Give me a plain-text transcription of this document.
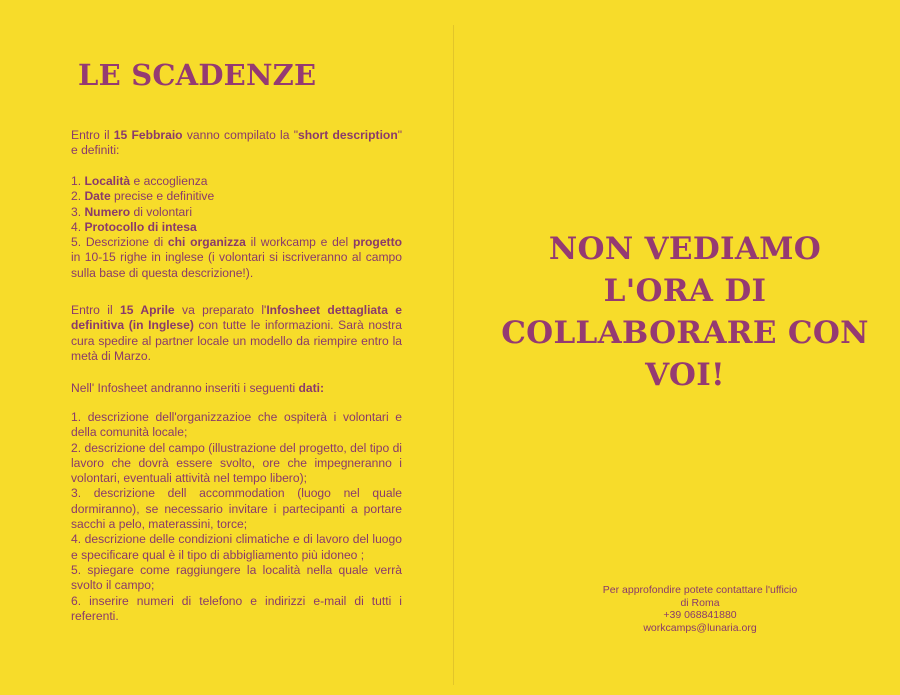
LE SCADENZE
Entro il 15 Febbraio vanno compilato la "short description" e definiti:
1. Località e accoglienza
2. Date precise e definitive
3. Numero di volontari
4. Protocollo di intesa
5. Descrizione di chi organizza il workcamp e del progetto in 10-15 righe in inglese (i volontari si iscriveranno al campo sulla base di questa descrizione!).
Entro il 15 Aprile va preparato l'Infosheet dettagliata e definitiva (in Inglese) con tutte le informazioni. Sarà nostra cura spedire al partner locale un modello da riempire entro la metà di Marzo.
Nell' Infosheet andranno inseriti i seguenti dati:
1. descrizione dell'organizzazioe che ospiterà i volontari e della comunità locale;
2. descrizione del campo (illustrazione del progetto, del tipo di lavoro che dovrà essere svolto, ore che impegneranno i volontari, eventuali attività nel tempo libero);
3. descrizione dell accommodation (luogo nel quale dormiranno), se necessario invitare i partecipanti a portare sacchi a pelo, materassini, torce;
4. descrizione delle condizioni climatiche e di lavoro del luogo e specificare qual è il tipo di abbigliamento più idoneo ;
5. spiegare come raggiungere la località nella quale verrà svolto il campo;
6. inserire numeri di telefono e indirizzi e-mail di tutti i referenti.
NON VEDIAMO
L'ORA DI
COLLABORARE CON
VOI!
Per approfondire potete contattare l'ufficio
di Roma
+39 068841880
workcamps@lunaria.org
